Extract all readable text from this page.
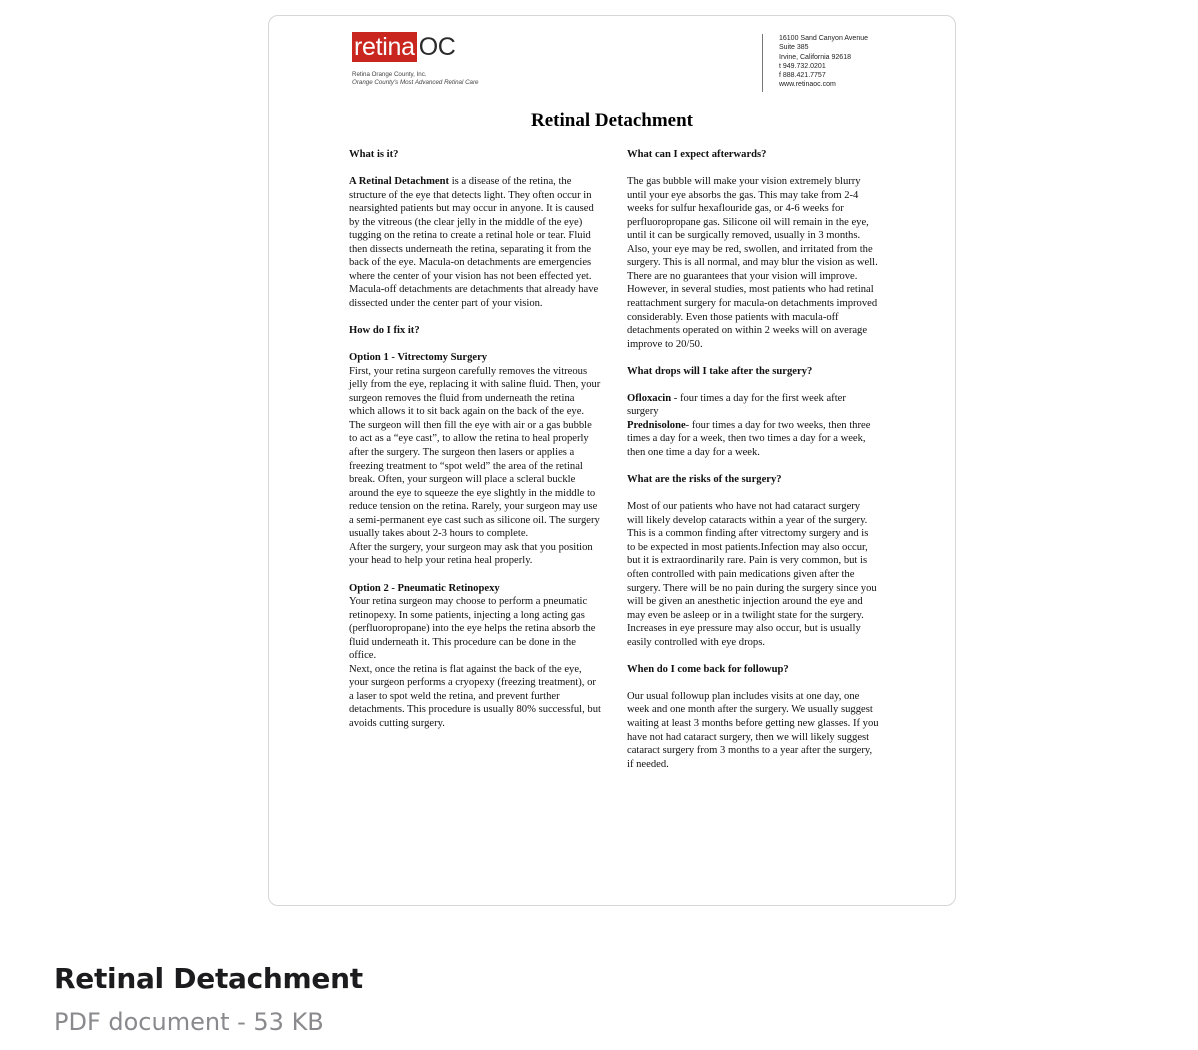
retina OC
Retina Orange County, Inc.
Orange County's Most Advanced Retinal Care
16100 Sand Canyon Avenue
Suite 385
Irvine, California 92618
t 949.732.0201
f 888.421.7757
www.retinaoc.com
Retinal Detachment

What is it?

A Retinal Detachment is a disease of the retina, the structure of the eye that detects light. They often occur in nearsighted patients but may occur in anyone. It is caused by the vitreous (the clear jelly in the middle of the eye) tugging on the retina to create a retinal hole or tear. Fluid then dissects underneath the retina, separating it from the back of the eye. Macula-on detachments are emergencies where the center of your vision has not been effected yet. Macula-off detachments are detachments that already have dissected under the center part of your vision.

How do I fix it?

Option 1 - Vitrectomy Surgery
First, your retina surgeon carefully removes the vitreous jelly from the eye, replacing it with saline fluid. Then, your surgeon removes the fluid from underneath the retina which allows it to sit back again on the back of the eye. The surgeon will then fill the eye with air or a gas bubble to act as a “eye cast”, to allow the retina to heal properly after the surgery. The surgeon then lasers or applies a freezing treatment to “spot weld” the area of the retinal break. Often, your surgeon will place a scleral buckle around the eye to squeeze the eye slightly in the middle to reduce tension on the retina. Rarely, your surgeon may use a semi-permanent eye cast such as silicone oil. The surgery usually takes about 2-3 hours to complete.
After the surgery, your surgeon may ask that you position your head to help your retina heal properly.

Option 2 - Pneumatic Retinopexy
Your retina surgeon may choose to perform a pneumatic retinopexy. In some patients, injecting a long acting gas (perfluoropropane) into the eye helps the retina absorb the fluid underneath it. This procedure can be done in the office.
Next, once the retina is flat against the back of the eye, your surgeon performs a cryopexy (freezing treatment), or a laser to spot weld the retina, and prevent further detachments. This procedure is usually 80% successful, but avoids cutting surgery.

What can I expect afterwards?

The gas bubble will make your vision extremely blurry until your eye absorbs the gas. This may take from 2-4 weeks for sulfur hexaflouride gas, or 4-6 weeks for perfluoropropane gas. Silicone oil will remain in the eye, until it can be surgically removed, usually in 3 months. Also, your eye may be red, swollen, and irritated from the surgery. This is all normal, and may blur the vision as well. There are no guarantees that your vision will improve. However, in several studies, most patients who had retinal reattachment surgery for macula-on detachments improved considerably. Even those patients with macula-off detachments operated on within 2 weeks will on average improve to 20/50.

What drops will I take after the surgery?

Ofloxacin - four times a day for the first week after surgery
Prednisolone- four times a day for two weeks, then three times a day for a week, then two times a day for a week, then one time a day for a week.

What are the risks of the surgery?

Most of our patients who have not had cataract surgery will likely develop cataracts within a year of the surgery. This is a common finding after vitrectomy surgery and is to be expected in most patients.Infection may also occur, but it is extraordinarily rare. Pain is very common, but is often controlled with pain medications given after the surgery. There will be no pain during the surgery since you will be given an anesthetic injection around the eye and may even be asleep or in a twilight state for the surgery. Increases in eye pressure may also occur, but is usually easily controlled with eye drops.

When do I come back for followup?

Our usual followup plan includes visits at one day, one week and one month after the surgery. We usually suggest waiting at least 3 months before getting new glasses. If you have not had cataract surgery, then we will likely suggest cataract surgery from 3 months to a year after the surgery, if needed.

Retinal Detachment
PDF document - 53 KB
